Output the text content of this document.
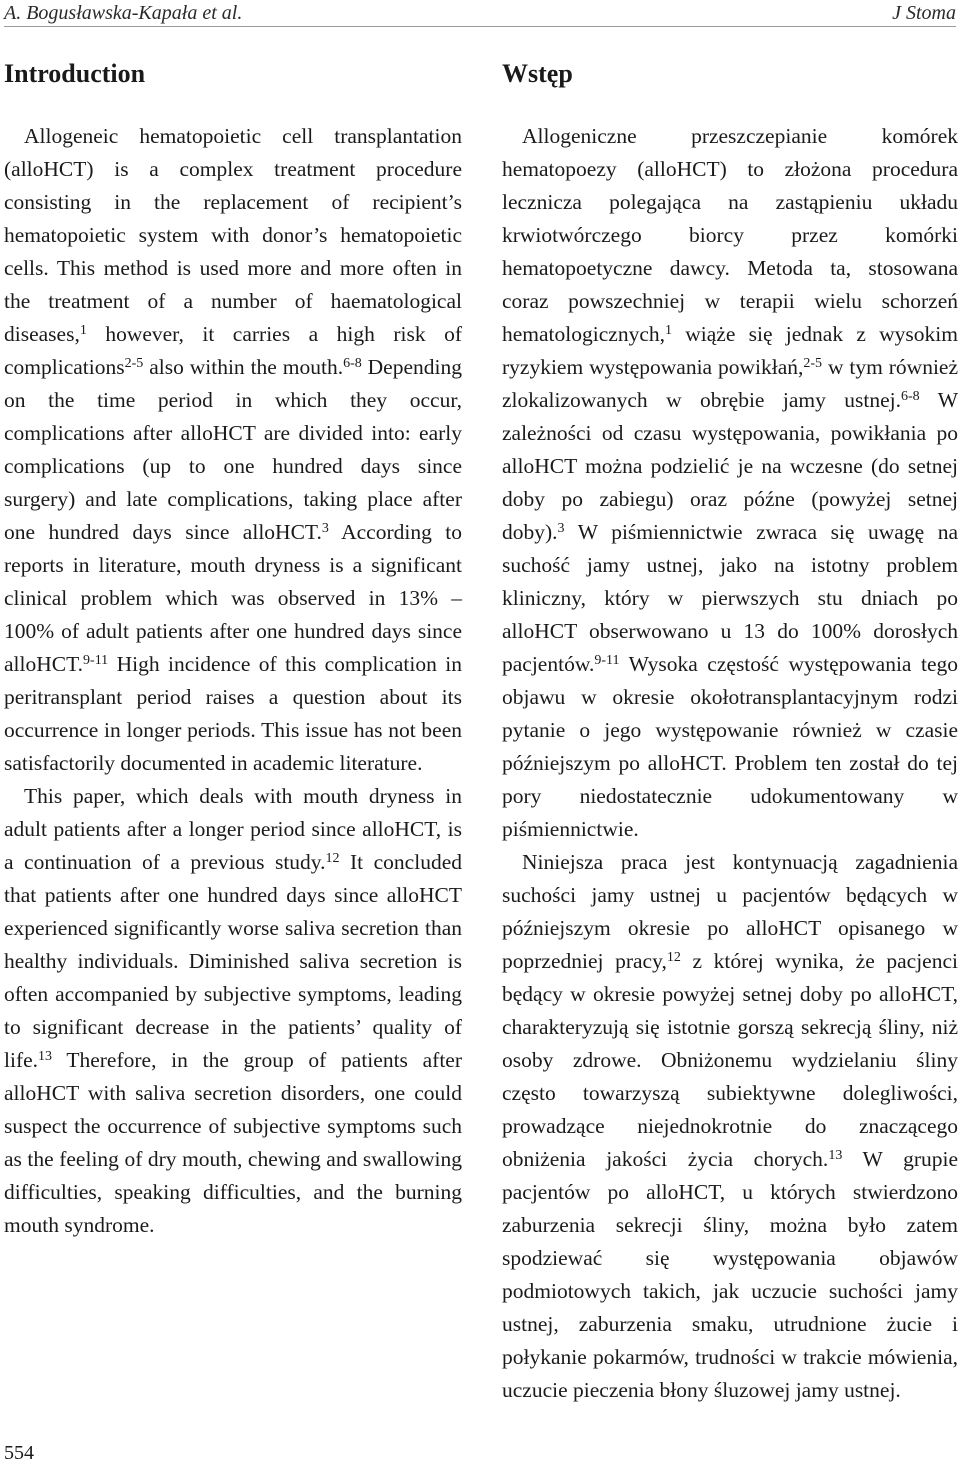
A. Bogusławska-Kapała et al.	J Stoma
Introduction

Allogeneic hematopoietic cell transplantation (alloHCT) is a complex treatment procedure consisting in the replacement of recipient’s hematopoietic system with donor’s hematopoietic cells. This method is used more and more often in the treatment of a number of haematological diseases,$^1$ however, it carries a high risk of complications$^{2-5}$ also within the mouth.$^{6-8}$ Depending on the time period in which they occur, complications after alloHCT are divided into: early complications (up to one hundred days since surgery) and late complications, taking place after one hundred days since alloHCT.$^3$ According to reports in literature, mouth dryness is a significant clinical problem which was observed in 13% – 100% of adult patients after one hundred days since alloHCT.$^{9-11}$ High incidence of this complication in peritransplant period raises a question about its occurrence in longer periods. This issue has not been satisfactorily documented in academic literature.

This paper, which deals with mouth dryness in adult patients after a longer period since alloHCT, is a continuation of a previous study.$^{12}$ It concluded that patients after one hundred days since alloHCT experienced significantly worse saliva secretion than healthy individuals. Diminished saliva secretion is often accompanied by subjective symptoms, leading to significant decrease in the patients’ quality of life.$^{13}$ Therefore, in the group of patients after alloHCT with saliva secretion disorders, one could suspect the occurrence of subjective symptoms such as the feeling of dry mouth, chewing and swallowing difficulties, speaking difficulties, and the burning mouth syndrome.

Wstęp

Allogeniczne przeszczepianie komórek hematopoezy (alloHCT) to złożona procedura lecznicza polegająca na zastąpieniu układu krwiotwórczego biorcy przez komórki hematopoetyczne dawcy. Metoda ta, stosowana coraz powszechniej w terapii wielu schorzeń hematologicznych,$^1$ wiąże się jednak z wysokim ryzykiem występowania powikłań,$^{2-5}$ w tym również zlokalizowanych w obrębie jamy ustnej.$^{6-8}$ W zależności od czasu występowania, powikłania po alloHCT można podzielić je na wczesne (do setnej doby po zabiegu) oraz późne (powyżej setnej doby).$^3$ W piśmiennictwie zwraca się uwagę na suchość jamy ustnej, jako na istotny problem kliniczny, który w pierwszych stu dniach po alloHCT obserwowano u 13 do 100% dorosłych pacjentów.$^{9-11}$ Wysoka częstość występowania tego objawu w okresie okołotransplantacyjnym rodzi pytanie o jego występowanie również w czasie późniejszym po alloHCT. Problem ten został do tej pory niedostatecznie udokumentowany w piśmiennictwie.

Niniejsza praca jest kontynuacją zagadnienia suchości jamy ustnej u pacjentów będących w późniejszym okresie po alloHCT opisanego w poprzedniej pracy,$^{12}$ z której wynika, że pacjenci będący w okresie powyżej setnej doby po alloHCT, charakteryzują się istotnie gorszą sekrecją śliny, niż osoby zdrowe. Obniżonemu wydzielaniu śliny często towarzyszą subiektywne dolegliwości, prowadzące niejednokrotnie do znaczącego obniżenia jakości życia chorych.$^{13}$ W grupie pacjentów po alloHCT, u których stwierdzono zaburzenia sekrecji śliny, można było zatem spodziewać się występowania objawów podmiotowych takich, jak uczucie suchości jamy ustnej, zaburzenia smaku, utrudnione żucie i połykanie pokarmów, trudności w trakcie mówienia, uczucie pieczenia błony śluzowej jamy ustnej.

554
